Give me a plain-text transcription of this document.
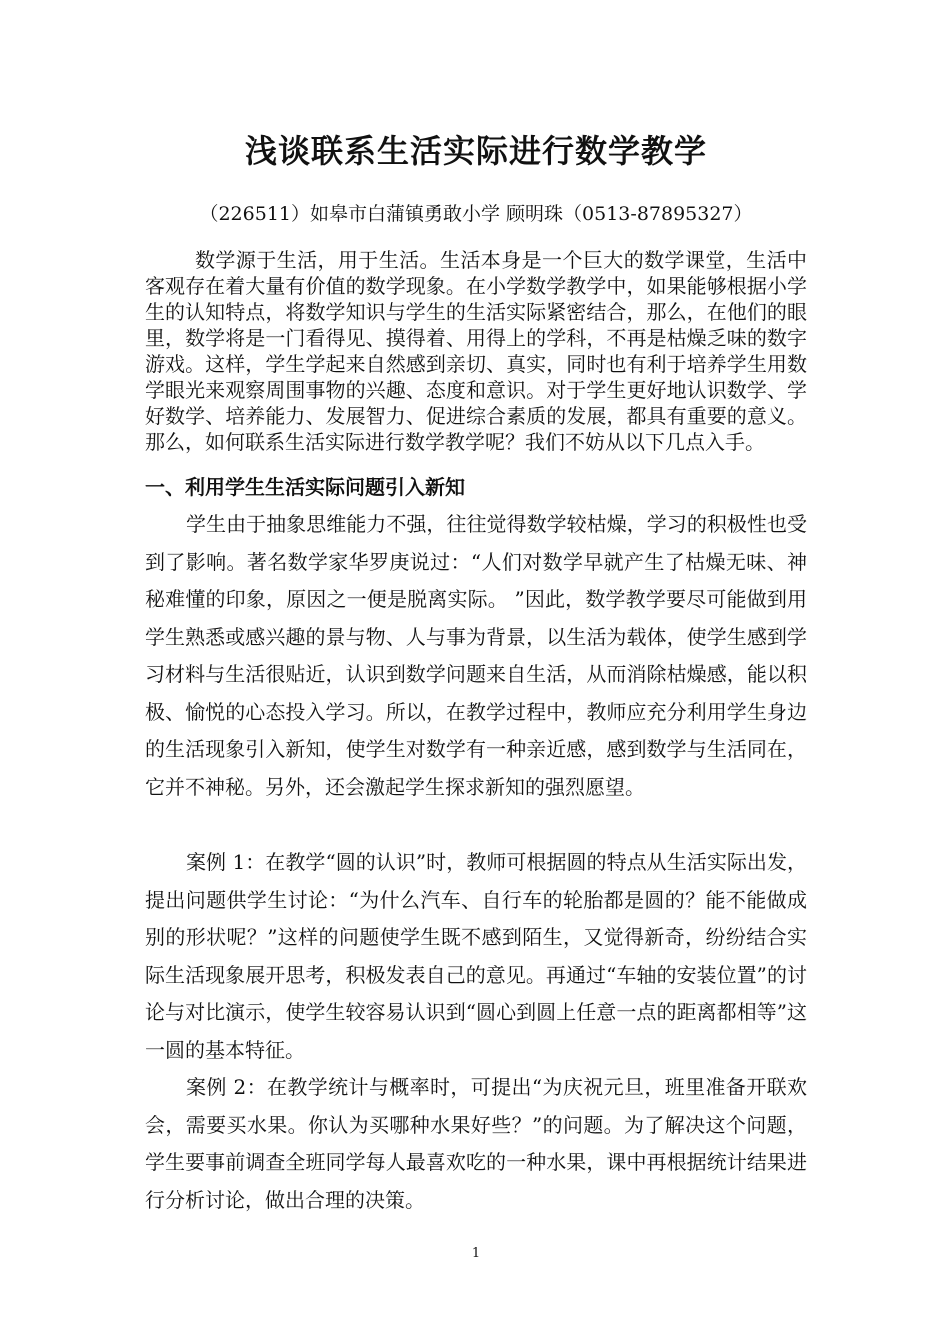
浅谈联系生活实际进行数学教学
（226511）如皋市白蒲镇勇敢小学 顾明珠（0513-87895327）

数学源于生活，用于生活。生活本身是一个巨大的数学课堂，生活中客观存在着大量有价值的数学现象。在小学数学教学中，如果能够根据小学生的认知特点，将数学知识与学生的生活实际紧密结合，那么，在他们的眼里，数学将是一门看得见、摸得着、用得上的学科，不再是枯燥乏味的数字游戏。这样，学生学起来自然感到亲切、真实，同时也有利于培养学生用数学眼光来观察周围事物的兴趣、态度和意识。对于学生更好地认识数学、学好数学、培养能力、发展智力、促进综合素质的发展，都具有重要的意义。那么，如何联系生活实际进行数学教学呢？我们不妨从以下几点入手。

一、利用学生生活实际问题引入新知

学生由于抽象思维能力不强，往往觉得数学较枯燥，学习的积极性也受到了影响。著名数学家华罗庚说过：“人们对数学早就产生了枯燥无味、神秘难懂的印象，原因之一便是脱离实际。 ”因此，数学教学要尽可能做到用学生熟悉或感兴趣的景与物、人与事为背景，以生活为载体，使学生感到学习材料与生活很贴近，认识到数学问题来自生活，从而消除枯燥感，能以积极、愉悦的心态投入学习。所以，在教学过程中，教师应充分利用学生身边的生活现象引入新知，使学生对数学有一种亲近感，感到数学与生活同在，它并不神秘。另外，还会激起学生探求新知的强烈愿望。

案例 1：在教学“圆的认识”时，教师可根据圆的特点从生活实际出发，提出问题供学生讨论：“为什么汽车、自行车的轮胎都是圆的？能不能做成别的形状呢？”这样的问题使学生既不感到陌生，又觉得新奇，纷纷结合实际生活现象展开思考，积极发表自己的意见。再通过“车轴的安装位置”的讨论与对比演示，使学生较容易认识到“圆心到圆上任意一点的距离都相等”这一圆的基本特征。

案例 2：在教学统计与概率时，可提出“为庆祝元旦，班里准备开联欢会，需要买水果。你认为买哪种水果好些？”的问题。为了解决这个问题，学生要事前调查全班同学每人最喜欢吃的一种水果，课中再根据统计结果进行分析讨论，做出合理的决策。

1
